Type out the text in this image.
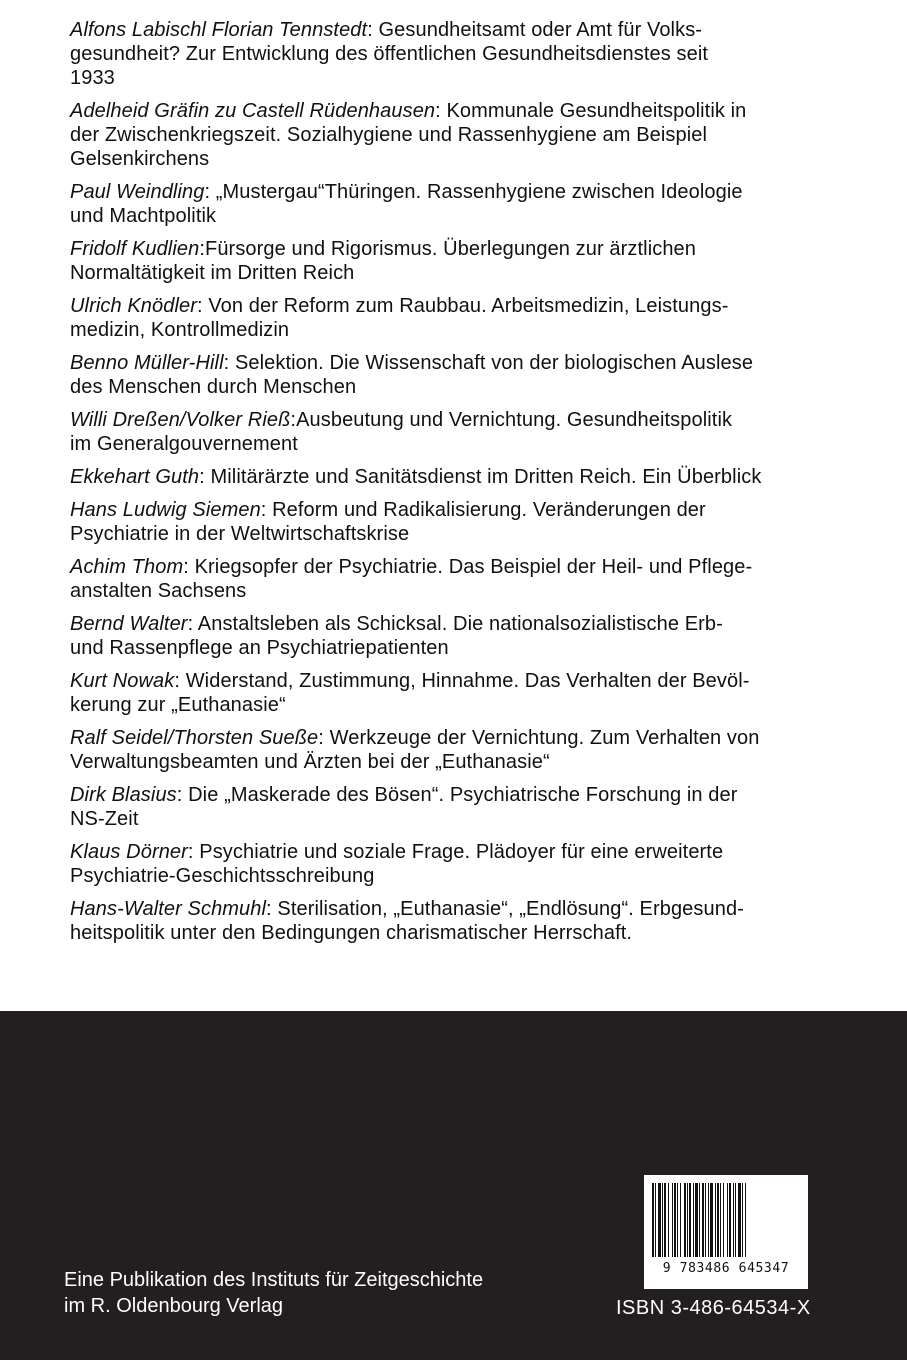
Alfons Labischl Florian Tennstedt: Gesundheitsamt oder Amt für Volks-
gesundheit? Zur Entwicklung des öffentlichen Gesundheitsdienstes seit
1933
Adelheid Gräfin zu Castell Rüdenhausen: Kommunale Gesundheitspolitik in
der Zwischenkriegszeit. Sozialhygiene und Rassenhygiene am Beispiel
Gelsenkirchens
Paul Weindling: „Mustergau“Thüringen. Rassenhygiene zwischen Ideologie
und Machtpolitik
Fridolf Kudlien:Fürsorge und Rigorismus. Überlegungen zur ärztlichen
Normaltätigkeit im Dritten Reich
Ulrich Knödler: Von der Reform zum Raubbau. Arbeitsmedizin, Leistungs-
medizin, Kontrollmedizin
Benno Müller-Hill: Selektion. Die Wissenschaft von der biologischen Auslese
des Menschen durch Menschen
Willi Dreßen/Volker Rieß:Ausbeutung und Vernichtung. Gesundheitspolitik
im Generalgouvernement
Ekkehart Guth: Militärärzte und Sanitätsdienst im Dritten Reich. Ein Überblick
Hans Ludwig Siemen: Reform und Radikalisierung. Veränderungen der
Psychiatrie in der Weltwirtschaftskrise
Achim Thom: Kriegsopfer der Psychiatrie. Das Beispiel der Heil- und Pflege-
anstalten Sachsens
Bernd Walter: Anstaltsleben als Schicksal. Die nationalsozialistische Erb-
und Rassenpflege an Psychiatriepatienten
Kurt Nowak: Widerstand, Zustimmung, Hinnahme. Das Verhalten der Bevöl-
kerung zur „Euthanasie“
Ralf Seidel/Thorsten Sueße: Werkzeuge der Vernichtung. Zum Verhalten von
Verwaltungsbeamten und Ärzten bei der „Euthanasie“
Dirk Blasius: Die „Maskerade des Bösen“. Psychiatrische Forschung in der
NS-Zeit
Klaus Dörner: Psychiatrie und soziale Frage. Plädoyer für eine erweiterte
Psychiatrie-Geschichtsschreibung
Hans-Walter Schmuhl: Sterilisation, „Euthanasie“, „Endlösung“. Erbgesund-
heitspolitik unter den Bedingungen charismatischer Herrschaft.
Eine Publikation des Instituts für Zeitgeschichte
im R. Oldenbourg Verlag
9 783486 645347
ISBN 3-486-64534-X
